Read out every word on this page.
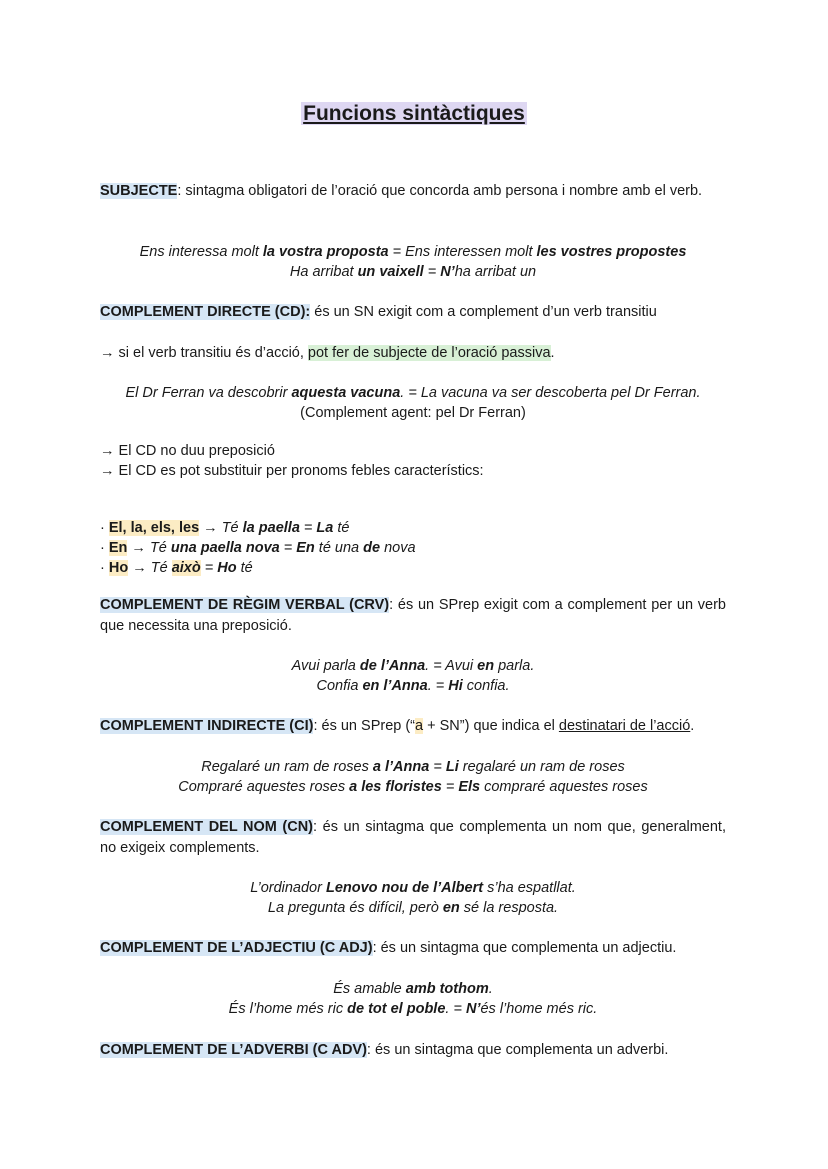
Funcions sintàctiques
SUBJECTE: sintagma obligatori de l’oració que concorda amb persona i nombre amb el verb.
Ens interessa molt la vostra proposta = Ens interessen molt les vostres propostes
Ha arribat un vaixell = N’ha arribat un
COMPLEMENT DIRECTE (CD): és un SN exigit com a complement d’un verb transitiu
→ si el verb transitiu és d’acció, pot fer de subjecte de l’oració passiva.
El Dr Ferran va descobrir aquesta vacuna. = La vacuna va ser descoberta pel Dr Ferran.
(Complement agent: pel Dr Ferran)
→ El CD no duu preposició
→ El CD es pot substituir per pronoms febles característics:
· El, la, els, les → Té la paella = La té
· En → Té una paella nova = En té una de nova
· Ho → Té això = Ho té
COMPLEMENT DE RÈGIM VERBAL (CRV): és un SPrep exigit com a complement per un verb que necessita una preposició.
Avui parla de l’Anna. = Avui en parla.
Confia en l’Anna. = Hi confia.
COMPLEMENT INDIRECTE (CI): és un SPrep (“a + SN”) que indica el destinatari de l’acció.
Regalaré un ram de roses a l’Anna = Li regalaré un ram de roses
Compraré aquestes roses a les floristes = Els compraré aquestes roses
COMPLEMENT DEL NOM (CN): és un sintagma que complementa un nom que, generalment, no exigeix complements.
L’ordinador Lenovo nou de l’Albert s’ha espatllat.
La pregunta és difícil, però en sé la resposta.
COMPLEMENT DE L’ADJECTIU (C ADJ): és un sintagma que complementa un adjectiu.
És amable amb tothom.
És l’home més ric de tot el poble. = N’és l’home més ric.
COMPLEMENT DE L’ADVERBI (C ADV): és un sintagma que complementa un adverbi.
